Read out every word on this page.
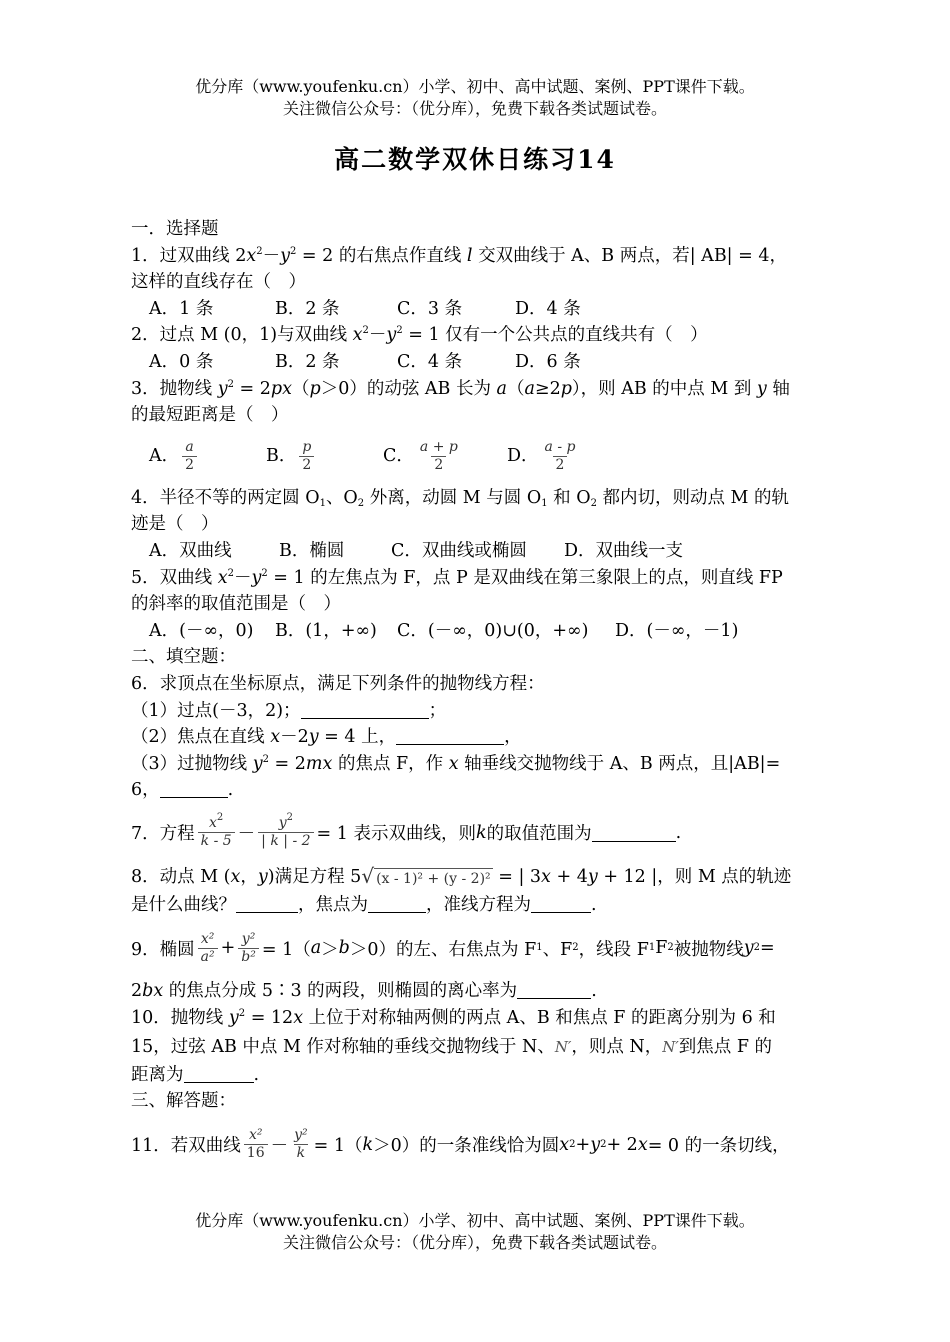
优分库（www.youfenku.cn）小学、初中、高中试题、案例、PPT课件下载。
关注微信公众号：（优分库），免费下载各类试题试卷。
高二数学双休日练习14
一．选择题
1．过双曲线 $2x^2-y^2 = 2$ 的右焦点作直线 l 交双曲线于 A、B 两点，若| AB| = 4，
这样的直线存在（　）
A．1 条	B．2 条	C．3 条	D．4 条
2．过点 M (0，1)与双曲线 $x^2-y^2 = 1$ 仅有一个公共点的直线共有（　）
A．0 条	B．2 条	C．4 条	D．6 条
3．抛物线 $y^2 = 2px(p>0)$的动弦 AB 长为 a（a≥2p），则 AB 的中点 M 到 y 轴
的最短距离是（　）
A． $\frac{a}{2}$	B． $\frac{p}{2}$	C． $\frac{a + p}{2}$	D． $\frac{a - p}{2}$
4．半径不等的两定圆 $O_1$、$O_2$ 外离，动圆 M 与圆 $O_1$ 和 $O_2$ 都内切，则动点 M 的轨
迹是（　）
A．双曲线	B．椭圆	C．双曲线或椭圆 D．双曲线一支
5．双曲线 $x^2-y^2 = 1$ 的左焦点为 F，点 P 是双曲线在第三象限上的点，则直线 FP
的斜率的取值范围是（　）
A．(－∞，0) B．(1，+∞) C．(－∞，0)∪(0，+∞) D．(－∞，－1)
二、填空题：
6．求顶点在坐标原点，满足下列条件的抛物线方程：
（1）过点(－3，2)；	；
（2）焦点在直线 x－2y = 4 上，	，
（3）过抛物线 $y^2 = 2mx$ 的焦点 F，作 x 轴垂线交抛物线于 A、B 两点，且|AB|=
6，	.
7． 方程 $\frac{x^2}{k - 5} - \frac{y^2}{| k | - 2} = 1$ 表示双曲线，则 k 的取值范围为	.
8．动点 M (x，y)满足方程 5 √ (x - 1)² + (y - 2)² = | 3x + 4y + 12 |，则 M 点的轨迹
是什么曲线？	，焦点为	，准线方程为	.
9． 椭圆 $\frac{\text{x²}}{\text{a²}} + \frac{\text{y²}}{\text{b²}} = 1$（ a ＞ b ＞0）的左、右焦点为 F 1 、F 2 ，线段 F 1 F 2 被抛物线 y 2 =
2bx 的焦点分成 5∶3 的两段，则椭圆的离心率为	.
10．抛物线 $y^2 = 12x$ 上位于对称轴两侧的两点 A、B 和焦点 F 的距离分别为 6 和
15，过弦 AB 中点 M 作对称轴的垂线交抛物线于 N、N′，则点 N，N′到焦点 F 的
距离为	.
三、解答题：
11． 若双曲线 $\frac{\text{x²}}{16} - \frac{\text{y²}}{k} = 1$（ k ＞0）的一条准线恰为圆 x 2 + y 2 + 2 x = 0 的一条切线，
优分库（www.youfenku.cn）小学、初中、高中试题、案例、PPT课件下载。
关注微信公众号：（优分库），免费下载各类试题试卷。
